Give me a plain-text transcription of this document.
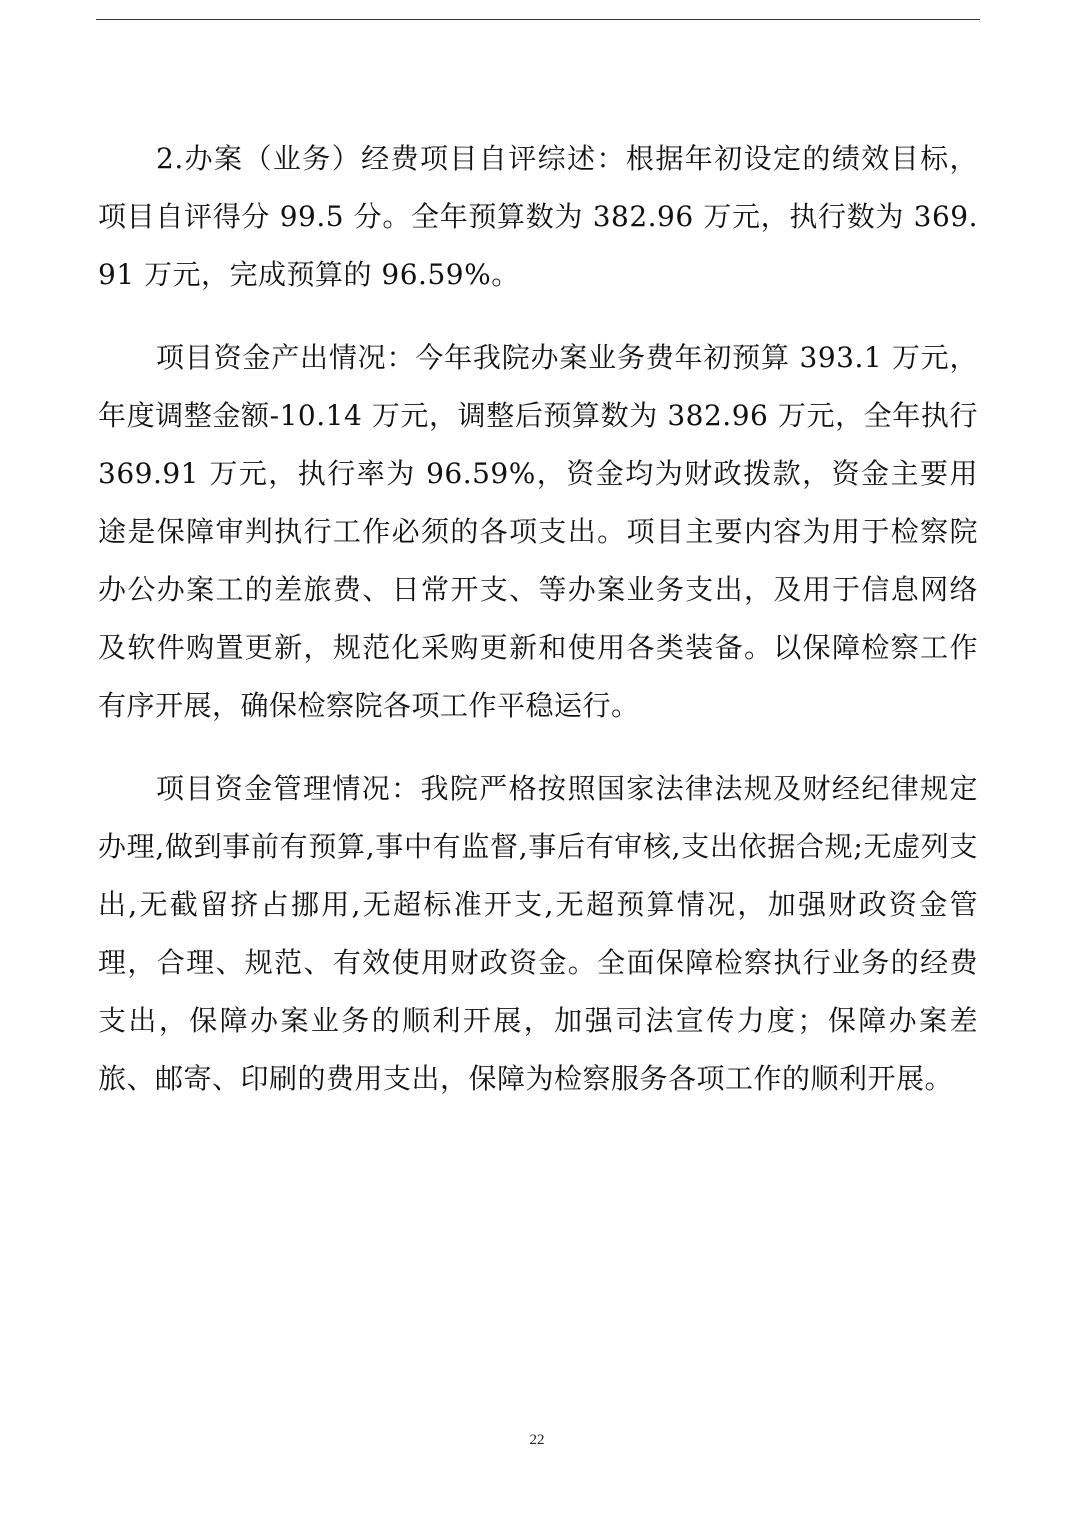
2.办案（业务）经费项目自评综述：根据年初设定的绩效目标，项目自评得分 99.5 分。全年预算数为 382.96 万元，执行数为 369.91 万元，完成预算的 96.59%。

项目资金产出情况：今年我院办案业务费年初预算 393.1 万元，年度调整金额-10.14 万元，调整后预算数为 382.96 万元，全年执行 369.91 万元，执行率为 96.59%，资金均为财政拨款，资金主要用途是保障审判执行工作必须的各项支出。项目主要内容为用于检察院办公办案工的差旅费、日常开支、等办案业务支出，及用于信息网络及软件购置更新，规范化采购更新和使用各类装备。以保障检察工作有序开展，确保检察院各项工作平稳运行。

项目资金管理情况：我院严格按照国家法律法规及财经纪律规定办理,做到事前有预算,事中有监督,事后有审核,支出依据合规;无虚列支出,无截留挤占挪用,无超标准开支,无超预算情况，加强财政资金管理，合理、规范、有效使用财政资金。全面保障检察执行业务的经费支出，保障办案业务的顺利开展，加强司法宣传力度；保障办案差旅、邮寄、印刷的费用支出，保障为检察服务各项工作的顺利开展。

22
